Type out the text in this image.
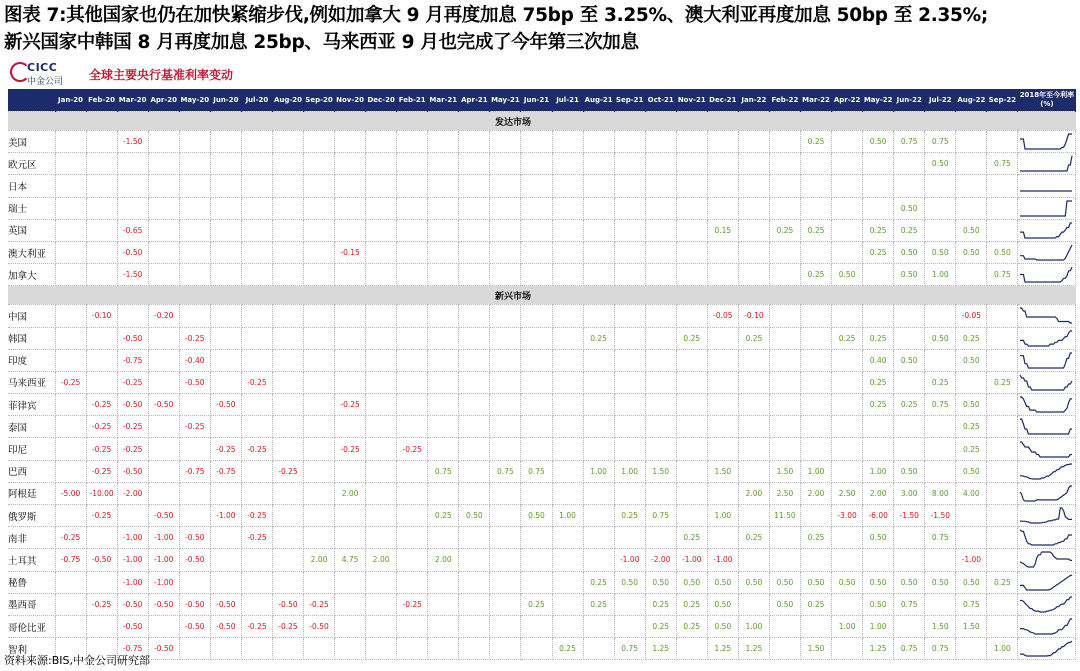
图表 7:其他国家也仍在加快紧缩步伐,例如加拿大 9 月再度加息 75bp 至 3.25%、澳大利亚再度加息 50bp 至 2.35%;
新兴国家中韩国 8 月再度加息 25bp、马来西亚 9 月也完成了今年第三次加息
CICC
中金公司 全球主要央行基准利率变动
	Jan-20	Feb-20	Mar-20	Apr-20	May-20	Jun-20	Jul-20	Aug-20	Sep-20	Nov-20	Dec-20	Feb-21	Mar-21	Apr-21	May-21	Jun-21	Jul-21	Aug-21	Sep-21	Oct-21	Nov-21	Dec-21	Jan-22	Feb-22	Mar-22	Apr-22	May-22	Jun-22	Jul-22	Aug-22	Sep-22	2018年至今利率 (%)
发达市场																																
美国			-1.50																						0.25		0.50	0.75	0.75			

欧元区																													0.50		0.75	

日本																																

瑞士																												0.50				

英国			-0.65																			0.15		0.25	0.25		0.25	0.25		0.50		

澳大利亚			-0.50							-0.15																	0.25	0.50	0.50	0.50	0.50	

加拿大			-1.50																						0.25	0.50		0.50	1.00		0.75	

新兴市场																																
中国		-0.10		-0.20																		-0.05	-0.10							-0.05		

韩国			-0.50		-0.25													0.25			0.25		0.25			0.25	0.25		0.50	0.25		

印度			-0.75		-0.40																						0.40	0.50		0.50		

马来西亚	-0.25		-0.25		-0.50		-0.25																				0.25		0.25		0.25	

菲律宾		-0.25	-0.50	-0.50		-0.50				-0.25																	0.25	0.25	0.75	0.50		

泰国		-0.25	-0.25		-0.25																									0.25		

印尼		-0.25	-0.25			-0.25	-0.25			-0.25		-0.25																		0.25		

巴西		-0.25	-0.50		-0.75	-0.75		-0.25					0.75		0.75	0.75		1.00	1.00	1.50		1.50		1.50	1.00		1.00	0.50		0.50		

阿根廷	-5.00	-10.00	-2.00							2.00													2.00	2.50	2.00	2.50	2.00	3.00	8.00	4.00		

俄罗斯		-0.25		-0.50		-1.00	-0.25						0.25	0.50		0.50	1.00		0.25	0.75		1.00		11.50		-3.00	-6.00	-1.50	-1.50			

南非	-0.25		-1.00	-1.00	-0.50		-0.25														0.25		0.25		0.25		0.50		0.75			

土耳其	-0.75	-0.50	-1.00	-1.00	-0.50				2.00	4.75	2.00		2.00						-1.00	-2.00	-1.00	-1.00								-1.00		

秘鲁			-1.00	-1.00														0.25	0.50	0.50	0.50	0.50	0.50	0.50	0.50	0.50	0.50	0.50	0.50	0.50	0.25	

墨西哥		-0.25	-0.50	-0.50	-0.50	-0.50		-0.50	-0.25			-0.25				0.25		0.25		0.25	0.25	0.50		0.50	0.25		0.50	0.75		0.75		

哥伦比亚			-0.50		-0.50	-0.50	-0.25	-0.25	-0.50											0.25	0.25	0.50	1.00			1.00	1.00		1.50	1.50		

智利			-0.75	-0.50													0.25		0.75	1.25		1.25	1.25		1.50		1.25	0.75	0.75		1.00	
资料来源:BIS,中金公司研究部
